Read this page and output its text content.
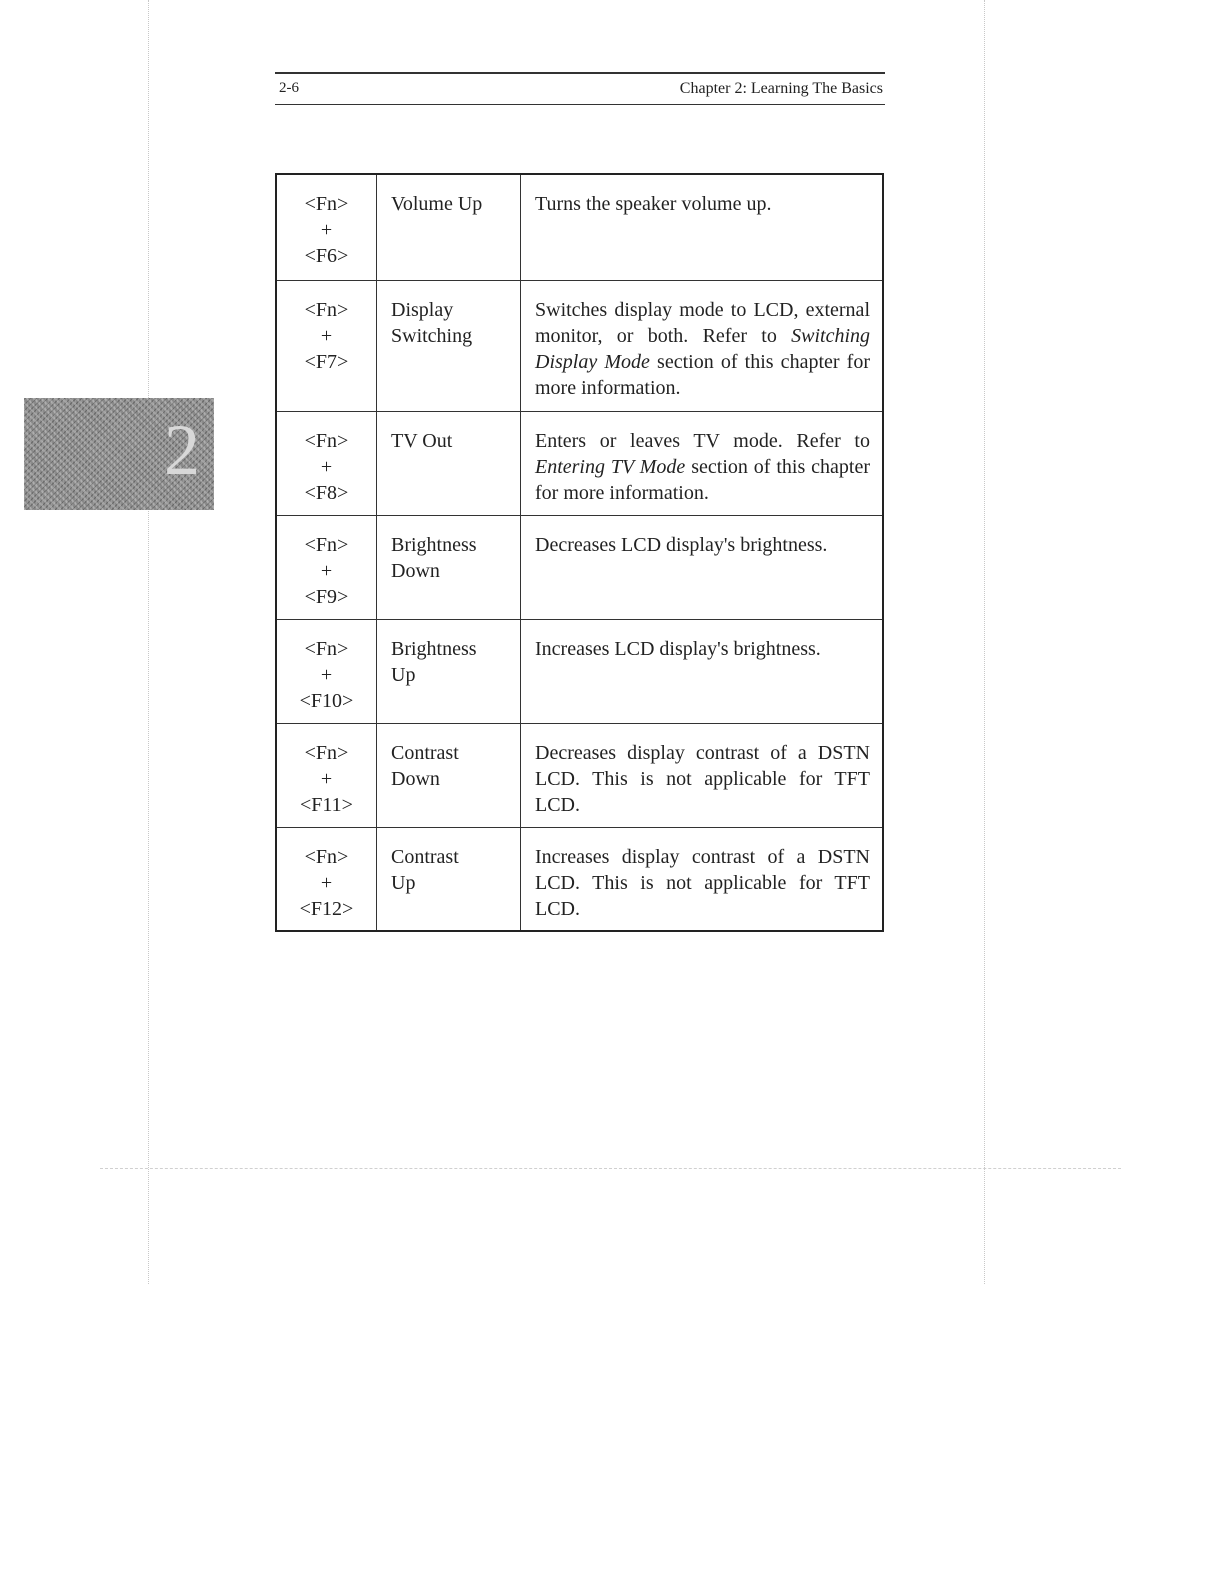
2-6	Chapter 2: Learning The Basics
2
<Fn>
+
<F6>	Volume Up	Turns the speaker volume up.

<Fn>
+
<F7>	Display
Switching	Switches display mode to LCD, external monitor, or both. Refer to Switching Display Mode section of this chapter for more information.

<Fn>
+
<F8>	TV Out	Enters or leaves TV mode. Refer to Entering TV Mode section of this chapter for more information.

<Fn>
+
<F9>	Brightness
Down	Decreases LCD display's brightness.

<Fn>
+
<F10>	Brightness
Up	Increases LCD display's brightness.

<Fn>
+
<F11>	Contrast
Down	Decreases display contrast of a DSTN LCD. This is not applicable for TFT LCD.

<Fn>
+
<F12>	Contrast
Up	Increases display contrast of a DSTN LCD. This is not applicable for TFT LCD.
